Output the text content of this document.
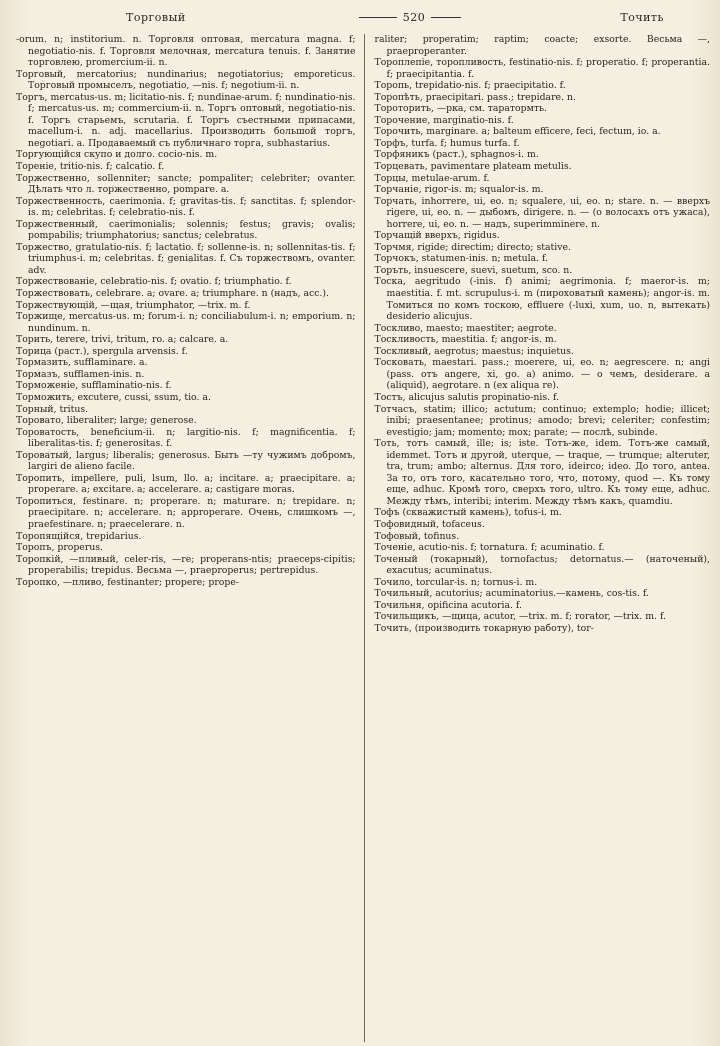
Торговый	520	Точить

-orum. n; institorium. n. Торговля оптовая, mercatura magna. f; negotiatio-nis. f. Торговля мелочная, mercatura tenuis. f. Занятие торговлею, promercium-ii. n.

Торговый, mercatorius; nundinarius; negotiatorius; emporeticus. Торговый промыселъ, negotiatio, —nis. f; negotium-ii. n.

Торгъ, mercatus-us. m; licitatio-nis. f; nundinae-arum. f; nundinatio-nis. f; mercatus-us. m; commercium-ii. n. Торгъ оптовый, negotiatio-nis. f. Торгъ старьемъ, scrutaria. f. Торгъ съестными припасами, macellum-i. n. adj. macellarius. Производить большой торгъ, negotiari. a. Продаваемый съ публичнаго торга, subhastarius.

Торгующiйся скупо и долго. cocio-nis. m.

Торенiе, tritio-nis. f; calcatio. f.

Торжественно, sollenniter; sancte; pompaliter; celebriter; ovanter. Дѣлать что л. торжественно, pompare. a.

Торжественность, caerimonia. f; gravitas-tis. f; sanctitas. f; splendor-is. m; celebritas. f; celebratio-nis. f.

Торжественный, caerimonialis; solennis; festus; gravis; ovalis; pompabilis; triumphatorius; sanctus; celebratus.

Торжество, gratulatio-nis. f; lactatio. f; sollenne-is. n; sollennitas-tis. f; triumphus-i. m; celebritas. f; genialitas. f. Съ торжествомъ, ovanter. adv.

Торжествованiе, celebratio-nis. f; ovatio. f; triumphatio. f.

Торжествовать, celebrare. a; ovare. a; triumphare. n (надъ, acc.).

Торжествующiй, —щая, triumphator, —trix. m. f.

Торжище, mercatus-us. m; forum-i. n; conciliabulum-i. n; emporium. n; nundinum. n.

Торить, terere, trivi, tritum, ro. a; calcare. a.

Торица (раст.), spergula arvensis. f.

Тормазить, sufflaminare. a.

Тормазъ, sufflamen-inis. n.

Торможенiе, sufflaminatio-nis. f.

Торможить, excutere, cussi, ssum, tio. a.

Торный, tritus.

Торовато, liberaliter; large; generose.

Тороватость, beneficium-ii. n; largitio-nis. f; magnificentia. f; liberalitas-tis. f; generositas. f.

Тороватый, largus; liberalis; generosus. Быть —ту чужимъ добромъ, largiri de alieno facile.

Торопить, impellere, puli, lsum, llo. a; incitare. a; praecipitare. a; properare. a; excitare. a; accelerare. a; castigare moras.

Торопиться, festinare. n; properare. n; maturare. n; trepidare. n; praecipitare. n; accelerare. n; approperare. Очень, слишкомъ —, praefestinare. n; praecelerare. n.

Торопящiйся, trepidarius.

Торопъ, properus.

Торопкiй, —пливый, celer-ris, —re; properans-ntis; praeceps-cipitis; properabilis; trepidus. Весьма —, praeproperus; pertrepidus.

Торопко, —пливо, festinanter; propere; prope-

raliter; properatim; raptim; coacte; exsorte. Весьма —, praeproperanter.

Тороплепiе, торопливость, festinatio-nis. f; properatio. f; properantia. f; praecipitantia. f.

Торопь, trepidatio-nis. f; praecipitatio. f.

Торопѣть, praecipitari. pass.; trepidare. n.

Тороторить, —рка, см. таратормть.

Торочение, marginatio-nis. f.

Торочить, marginare. a; balteum efficere, feci, fectum, io. a.

Торфъ, turfa. f; humus turfa. f.

Торфяникъ (раст.), sphagnos-i. m.

Торцевать, pavimentare plateam metulis.

Торцы, metulae-arum. f.

Торчанiе, rigor-is. m; squalor-is. m.

Торчать, inhorrere, ui, eo. n; squalere, ui, eo. n; stare. n. — вверхъ rigere, ui, eo. n. — дыбомъ, dirigere. n. — (о волосахъ отъ ужаса), horrere, ui, eo. n. — надъ, superimminere. n.

Торчащiй вверхъ, rigidus.

Торчмя, rigide; directim; directo; stative.

Торчокъ, statumen-inis. n; metula. f.

Торъть, insuescere, suevi, suetum, sco. n.

Тоска, aegritudo (-inis. f) animi; aegrimonia. f; maeror-is. m; maestitia. f. mt. scrupulus-i. m (пироxоватый камень); angor-is. m. Томиться по комъ тоскою, effluere (-luxi, xum, uo. n, вытекать) desiderio alicujus.

Тоскливо, maesto; maestiter; aegrote.

Тоскливость, maestitia. f; angor-is. m.

Тоскливый, aegrotus; maestus; inquietus.

Тосковать, maestari. pass.; moerere, ui, eo. n; aegrescere. n; angi (pass. отъ angere, xi, go. a) animo. — о чемъ, desiderare. a (aliquid), aegrotare. n (ex aliqua re).

Тостъ, alicujus salutis propinatio-nis. f.

Тотчасъ, statim; illico; actutum; continuo; extemplo; hodie; illicet; inibi; praesentanee; protinus; amodo; brevi; celeriter; confestim; evestigio; jam; momento; mox; parate; — послѣ, subinde.

Тоть, тотъ самый, ille; is; iste. Тотъ-же, idem. Тотъ-же самый, idemmet. Тотъ и другой, uterque, — traque, — trumque; alteruter, tra, trum; ambo; alternus. Для того, ideirco; ideo. До того, antea. За то, отъ того, касательно того, что, потому, quod —. Къ тому еще, adhuc. Кромѣ того, сверхъ того, ultro. Къ тому еще, adhuc. Между тѣмъ, interibi; interim. Между тѣмъ какъ, quamdiu.

Тофъ (скважистый камень), tofus-i. m.

Тофовидный, tofaceus.

Тофовый, tofinus.

Точенiе, acutio-nis. f; tornatura. f; acuminatio. f.

Точеный (токарный), tornofactus; detornatus.— (наточеный), exacutus; acuminatus.

Точило, torcular-is. n; tornus-i. m.

Точильный, acutorius; acuminatorius.—камень, cos-tis. f.

Точильня, opificina acutoria. f.

Точильщикъ, —щица, acutor, —trix. m. f; rorator, —trix. m. f.

Точить, (производить токарную работу), tor-
